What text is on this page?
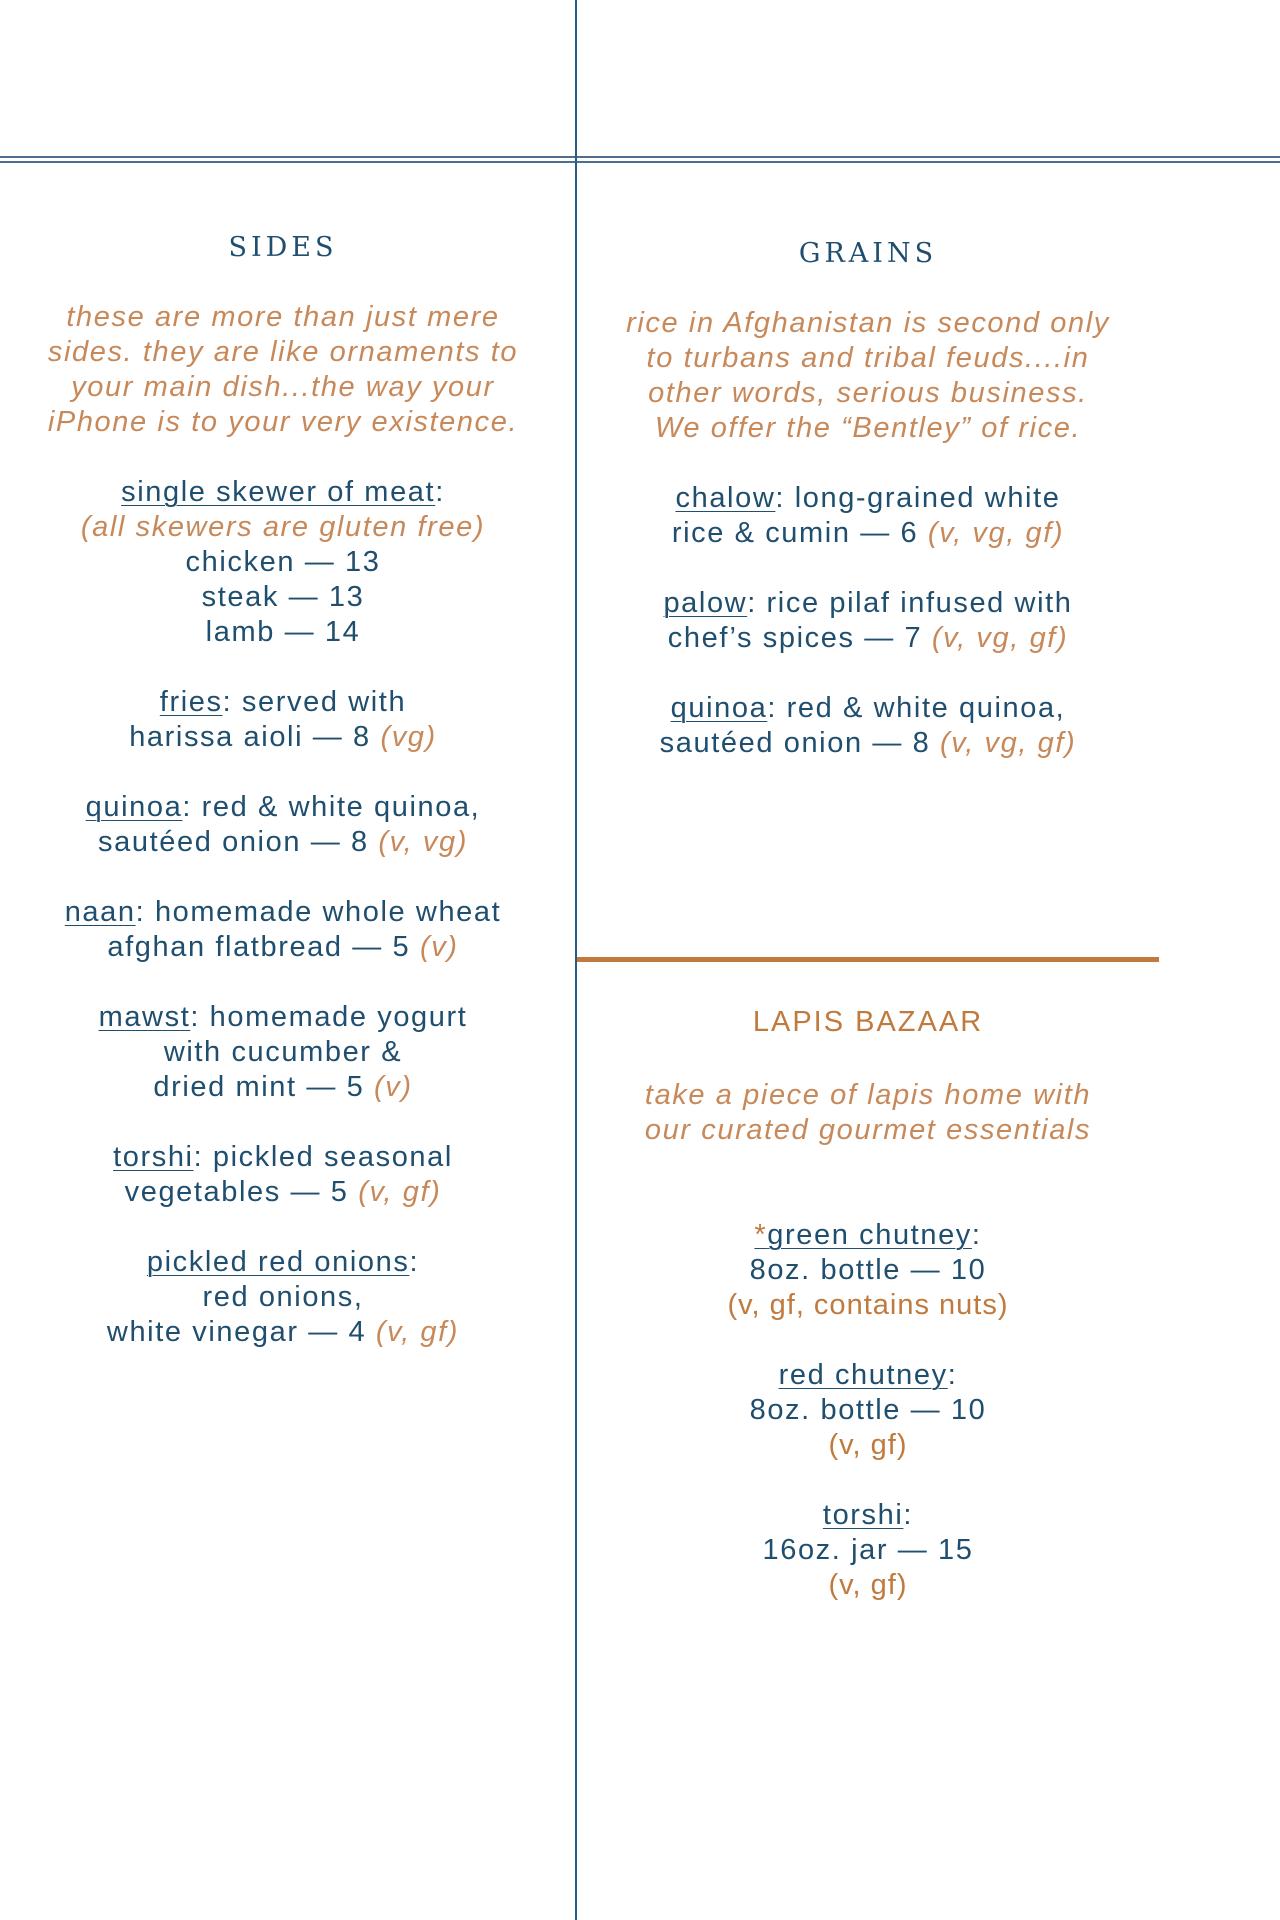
SIDES
these are more than just mere
sides. they are like ornaments to
your main dish...the way your
iPhone is to your very existence.
single skewer of meat:
(all skewers are gluten free)
chicken — 13
steak — 13
lamb — 14
fries: served with
harissa aioli — 8 (vg)
quinoa: red & white quinoa,
sautéed onion — 8 (v, vg)
naan: homemade whole wheat
afghan flatbread — 5 (v)
mawst: homemade yogurt
with cucumber &
dried mint — 5 (v)
torshi: pickled seasonal
vegetables — 5 (v, gf)
pickled red onions:
red onions,
white vinegar — 4 (v, gf)
GRAINS
rice in Afghanistan is second only
to turbans and tribal feuds....in
other words, serious business.
We offer the “Bentley” of rice.
chalow: long-grained white
rice & cumin — 6 (v, vg, gf)
palow: rice pilaf infused with
chef’s spices — 7 (v, vg, gf)
quinoa: red & white quinoa,
sautéed onion — 8 (v, vg, gf)
LAPIS BAZAAR
take a piece of lapis home with
our curated gourmet essentials
*green chutney:
8oz. bottle — 10
(v, gf, contains nuts)
red chutney:
8oz. bottle — 10
(v, gf)
torshi:
16oz. jar — 15
(v, gf)
